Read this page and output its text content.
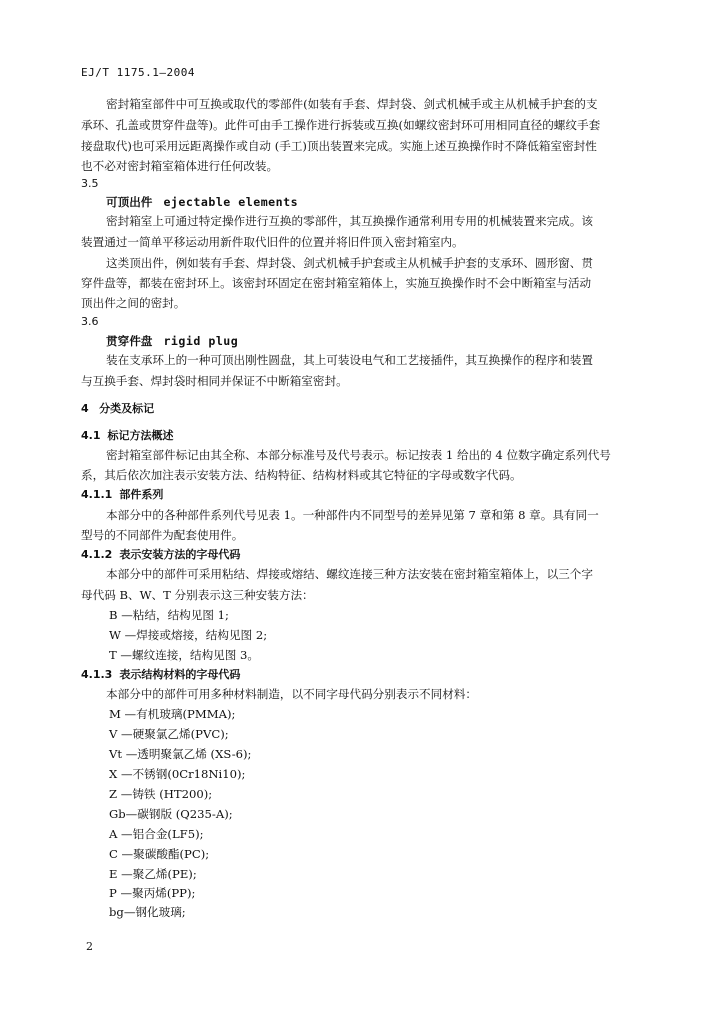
EJ/T 1175.1—2004
密封箱室部件中可互换或取代的零部件(如装有手套、焊封袋、剑式机械手或主从机械手护套的支
承环、孔盖或贯穿件盘等)。此件可由手工操作进行拆装或互换(如螺纹密封环可用相同直径的螺纹手套
接盘取代)也可采用远距离操作或自动 (手工)顶出装置来完成。实施上述互换操作时不降低箱室密封性
也不必对密封箱室箱体进行任何改装。
3.5
可顶出件 ejectable elements
密封箱室上可通过特定操作进行互换的零部件，其互换操作通常利用专用的机械装置来完成。该
装置通过一简单平移运动用新件取代旧件的位置并将旧件顶入密封箱室内。
这类顶出件，例如装有手套、焊封袋、剑式机械手护套或主从机械手护套的支承环、圆形窗、贯
穿件盘等，都装在密封环上。该密封环固定在密封箱室箱体上，实施互换操作时不会中断箱室与活动
顶出件之间的密封。
3.6
贯穿件盘 rigid plug
装在支承环上的一种可顶出刚性圆盘，其上可装设电气和工艺接插件，其互换操作的程序和装置
与互换手套、焊封袋时相同并保证不中断箱室密封。
4 分类及标记
4.1 标记方法概述
密封箱室部件标记由其全称、本部分标准号及代号表示。标记按表 1 给出的 4 位数字确定系列代号
系，其后依次加注表示安装方法、结构特征、结构材料或其它特征的字母或数字代码。
4.1.1 部件系列
本部分中的各种部件系列代号见表 1。一种部件内不同型号的差异见第 7 章和第 8 章。具有同一
型号的不同部件为配套使用件。
4.1.2 表示安装方法的字母代码
本部分中的部件可采用粘结、焊接或熔结、螺纹连接三种方法安装在密封箱室箱体上，以三个字
母代码 B、W、T 分别表示这三种安装方法：
B —粘结，结构见图 1;
W —焊接或熔接，结构见图 2;
T —螺纹连接，结构见图 3。
4.1.3 表示结构材料的字母代码
本部分中的部件可用多种材料制造，以不同字母代码分别表示不同材料：
M —有机玻璃(PMMA);
V —硬聚氯乙烯(PVC);
Vt —透明聚氯乙烯 (XS-6);
X —不锈钢(0Cr18Ni10);
Z —铸铁 (HT200);
Gb—碳钢版 (Q235-A);
A —铝合金(LF5);
C —聚碳酸酯(PC);
E —聚乙烯(PE);
P —聚丙烯(PP);
bg—钢化玻璃;
2
